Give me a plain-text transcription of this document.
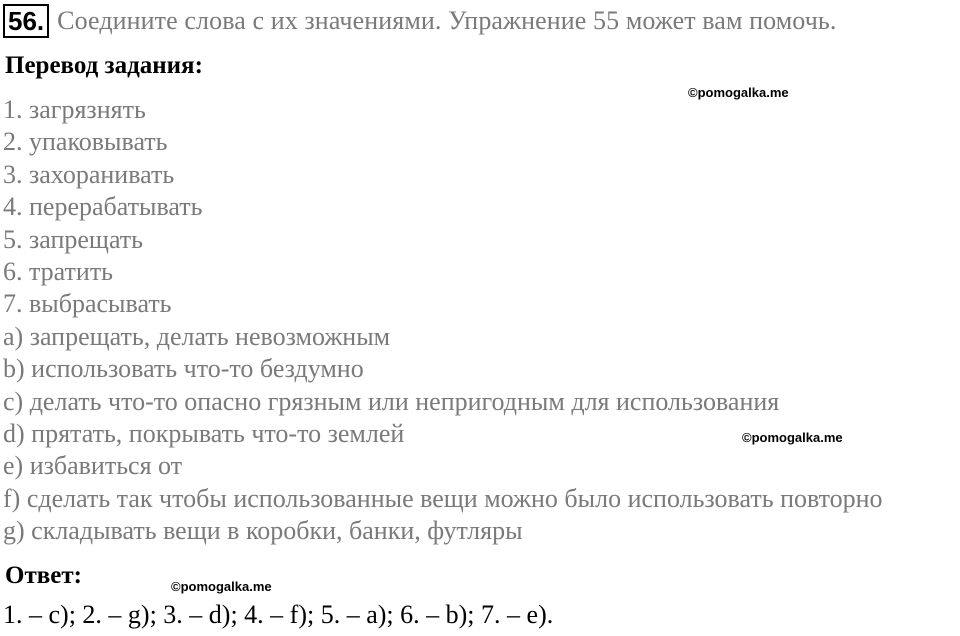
56. Соедините слова с их значениями. Упражнение 55 может вам помочь.
Перевод задания:
©pomogalka.me
1. загрязнять
2. упаковывать
3. захоранивать
4. перерабатывать
5. запрещать
6. тратить
7. выбрасывать
a) запрещать, делать невозможным
b) использовать что-то бездумно
c) делать что-то опасно грязным или непригодным для использования
d) прятать, покрывать что-то землей
e) избавиться от
f) сделать так чтобы использованные вещи можно было использовать повторно
g) складывать вещи в коробки, банки, футляры
©pomogalka.me
Ответ:	©pomogalka.me
1. – c); 2. – g); 3. – d); 4. – f); 5. – a); 6. – b); 7. – e).
